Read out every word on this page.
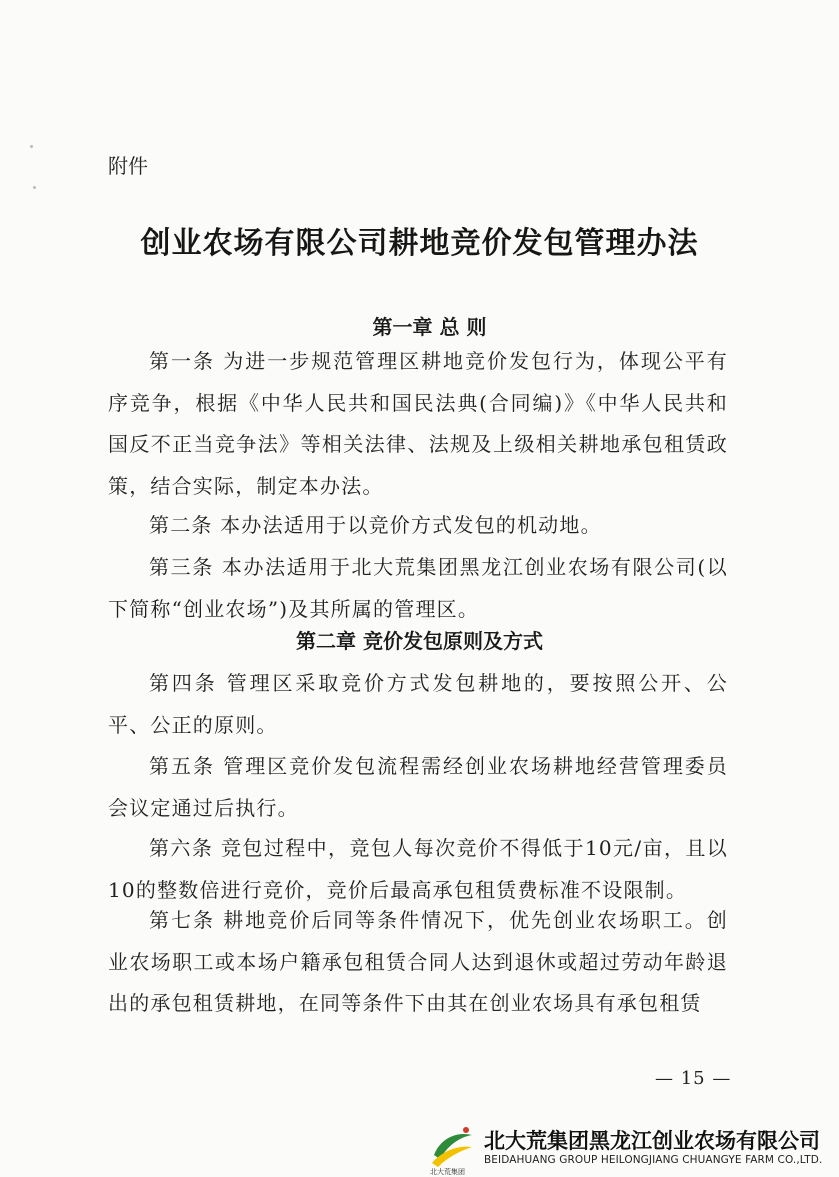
附件
创业农场有限公司耕地竞价发包管理办法
第一章 总 则
第一条 为进一步规范管理区耕地竞价发包行为，体现公平有序竞争，根据《中华人民共和国民法典(合同编)》《中华人民共和国反不正当竞争法》等相关法律、法规及上级相关耕地承包租赁政策，结合实际，制定本办法。
第二条 本办法适用于以竞价方式发包的机动地。
第三条 本办法适用于北大荒集团黑龙江创业农场有限公司(以下简称“创业农场”)及其所属的管理区。
第二章 竞价发包原则及方式
第四条 管理区采取竞价方式发包耕地的，要按照公开、公平、公正的原则。
第五条 管理区竞价发包流程需经创业农场耕地经营管理委员会议定通过后执行。
第六条 竞包过程中，竞包人每次竞价不得低于10元/亩，且以10的整数倍进行竞价，竞价后最高承包租赁费标准不设限制。
第七条 耕地竞价后同等条件情况下，优先创业农场职工。创业农场职工或本场户籍承包租赁合同人达到退休或超过劳动年龄退出的承包租赁耕地，在同等条件下由其在创业农场具有承包租赁
— 15 —
北大荒集团
北大荒集团黑龙江创业农场有限公司
BEIDAHUANG GROUP HEILONGJIANG CHUANGYE FARM CO.,LTD.
